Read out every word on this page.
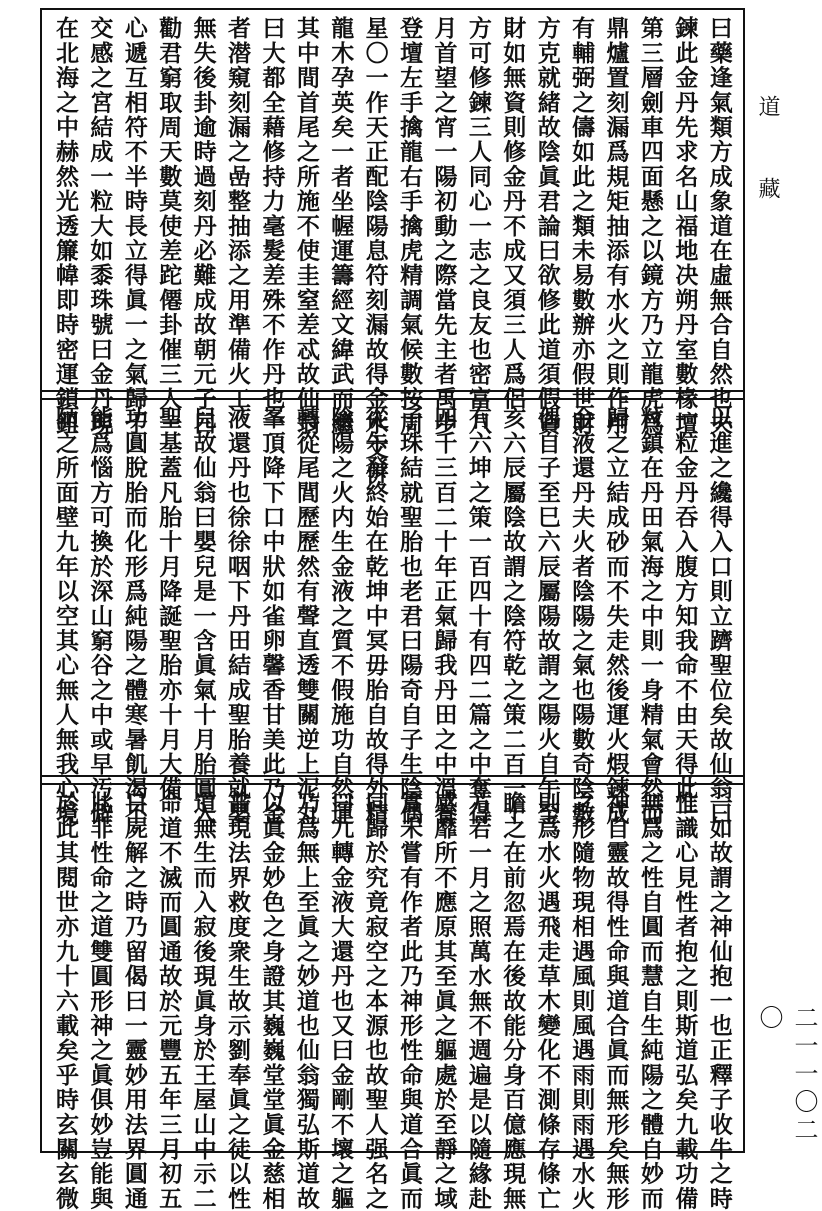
曰藥逢氣類方成象道在虛無合自然也夫
鍊此金丹先求名山福地决朔丹室數椽壇
第三層劍車四面懸之以鏡方乃立龍虎爲
鼎爐置刻漏爲規矩抽添有水火之則作用
有輔弼之儔如此之類未易數辦亦假世財
方克就緒故陰眞君論曰欲修此道須假資
財如無資則修金丹不成又須三人爲侶
方可修鍊三人同心一志之良友也密富八
月首望之宵一陽初動之際當先主者禹步
登壇左手擒龍右手擒虎精調氣候數按周
星〇一作天正配陰陽息符刻漏故得金水交併
龍木孕英矣一者坐幄運籌經文緯武而繼
其中間首尾之所施不使圭窒差忒故仙翁
曰大都全藉修持力毫髮差殊不作丹也一
者潜窺刻漏之嵒整抽添之用準備火工
無失後卦逾時過刻丹必難成故朝元子曰
勸君窮取周天數莫使差跎僊卦催三人一
心遞互相符不半時長立得眞一之氣歸于
交感之宮結成一粒大如黍珠號曰金丹現
在北海之中赫然光透簾幃即時密運鎖鈕
以進之纔得入口則立躋聖位矣故仙翁曰
一粒金丹吞入腹方知我命不由天得此一
粒鎮在丹田氣海之中則一身精氣會然而
歸之立結成砂而不失走然後運火煆鍊成
金液還丹夫火者陰陽之氣也陽數奇陰數
偶自子至巳六辰屬陽故謂之陽火自午至
亥六辰屬陰故謂之陰符乾之策二百一十
有六坤之策一百四十有四二篇之中奪得
四千三百二十年正氣歸我丹田之中溫養
子珠結就聖胎也老君曰陽奇自子生陰偶
從午發終始在乾坤中冥毋胎自故得外精
陰陽之火内生金液之質不假施功自然運
轉從尾閭歷歷然有聲直透雙關逆上泥丸
峯頂降下口中狀如雀卵馨香甘美此乃金
液還丹也徐徐咽下丹田結成聖胎養就嬰
兒故仙翁曰嬰兒是一含眞氣十月胎圓入
聖基蓋凡胎十月降誕聖胎亦十月大備
功圓脫胎而化形爲純陽之體寒暑飢渴不
能爲惱方可換於深山窮谷之中或早汚僻
陋之所面壁九年以空其心無人無我心境
一如故謂之神仙抱一也正釋子收牛之時
惟識心見性者抱之則斯道弘矣九載功備
無爲之性自圓而慧自生純陽之體自妙而
神自靈故得性命與道合眞而無形矣無形
之形隨物現相遇風則風遇雨則雨遇水火
則爲水火遇飛走草木變化不測條存條亡
瞻之在前忽焉在後故能分身百億應現無
方若一月之照萬水無不週遍是以隨緣赴
感靡所不應原其至眞之軀處於至靜之域
實未嘗有作者此乃神形性命與道合眞而
同歸於究竟寂空之本源也故聖人强名之
曰九轉金液大還丹也又曰金剛不壞之軀
乃爲無上至眞之妙道也仙翁獨弘斯道故
以眞金妙色之身證其巍巍堂堂眞金慈相
普現法界救度衆生故示劉奉眞之徒以性
道無生而入寂後現眞身於王屋山中示二
命道不滅而圓通故於元豐五年三月初五
日屍解之時乃留偈曰一靈妙用法界圓通
此非性命之道雙圓形神之眞俱妙豈能與
於此其閱世亦九十六載矣乎時玄關玄微
道藏
二一一〇二〇
